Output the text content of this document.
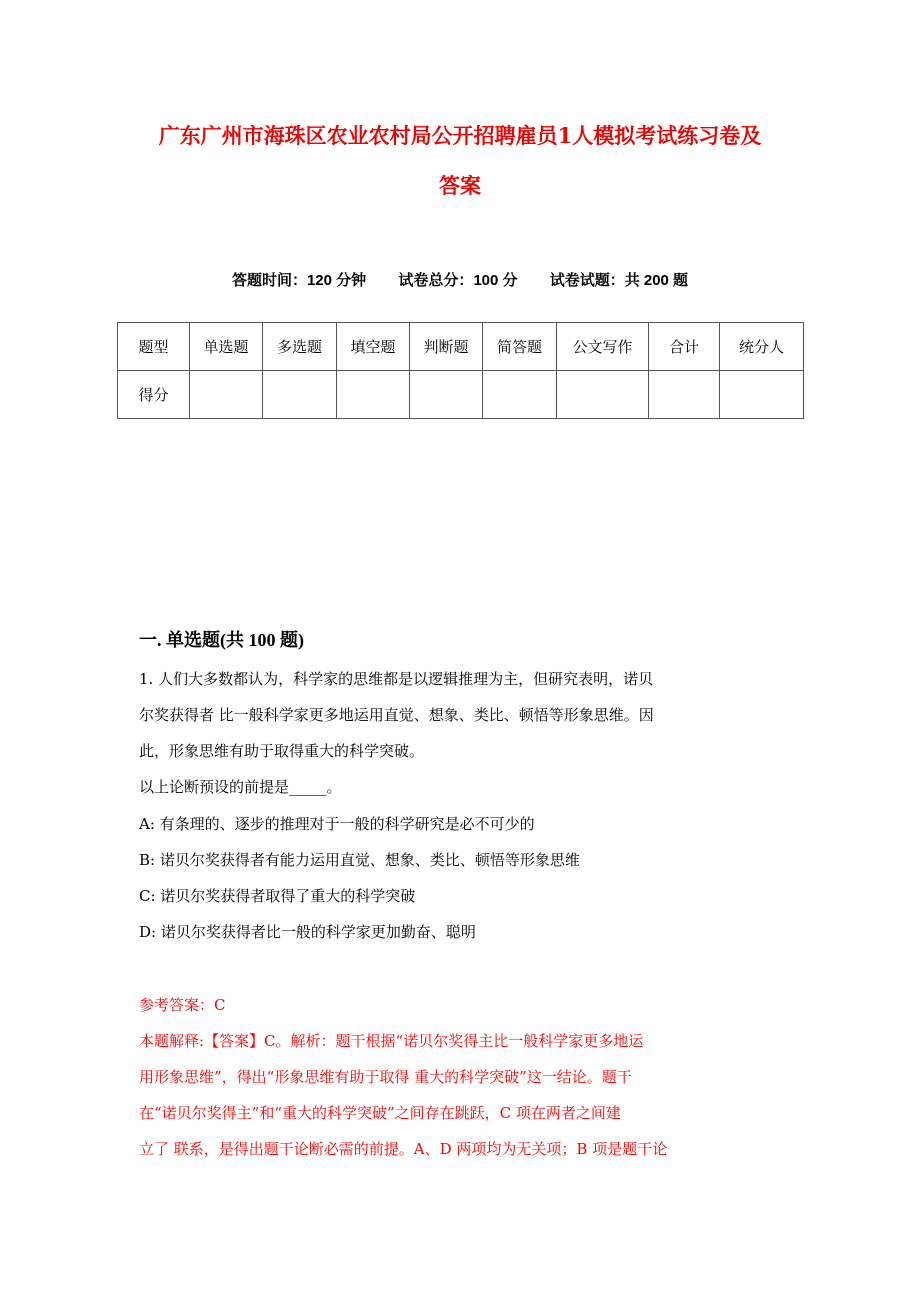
广东广州市海珠区农业农村局公开招聘雇员1人模拟考试练习卷及
答案
答题时间：120 分钟 试卷总分：100 分 试卷试题：共 200 题
题型	单选题	多选题	填空题	判断题	简答题	公文写作	合计	统分人
得分								
一. 单选题(共 100 题)

1. 人们大多数都认为，科学家的思维都是以逻辑推理为主，但研究表明，诺贝

尔奖获得者 比一般科学家更多地运用直觉、想象、类比、顿悟等形象思维。因

此，形象思维有助于取得重大的科学突破。

以上论断预设的前提是_____。

A: 有条理的、逐步的推理对于一般的科学研究是必不可少的

B: 诺贝尔奖获得者有能力运用直觉、想象、类比、顿悟等形象思维

C: 诺贝尔奖获得者取得了重大的科学突破

D: 诺贝尔奖获得者比一般的科学家更加勤奋、聪明

参考答案：C

本题解释:【答案】C。解析：题干根据“诺贝尔奖得主比一般科学家更多地运

用形象思维”，得出“形象思维有助于取得 重大的科学突破”这一结论。题干

在“诺贝尔奖得主”和“重大的科学突破”之间存在跳跃，C 项在两者之间建

立了 联系，是得出题干论断必需的前提。A、D 两项均为无关项；B 项是题干论
